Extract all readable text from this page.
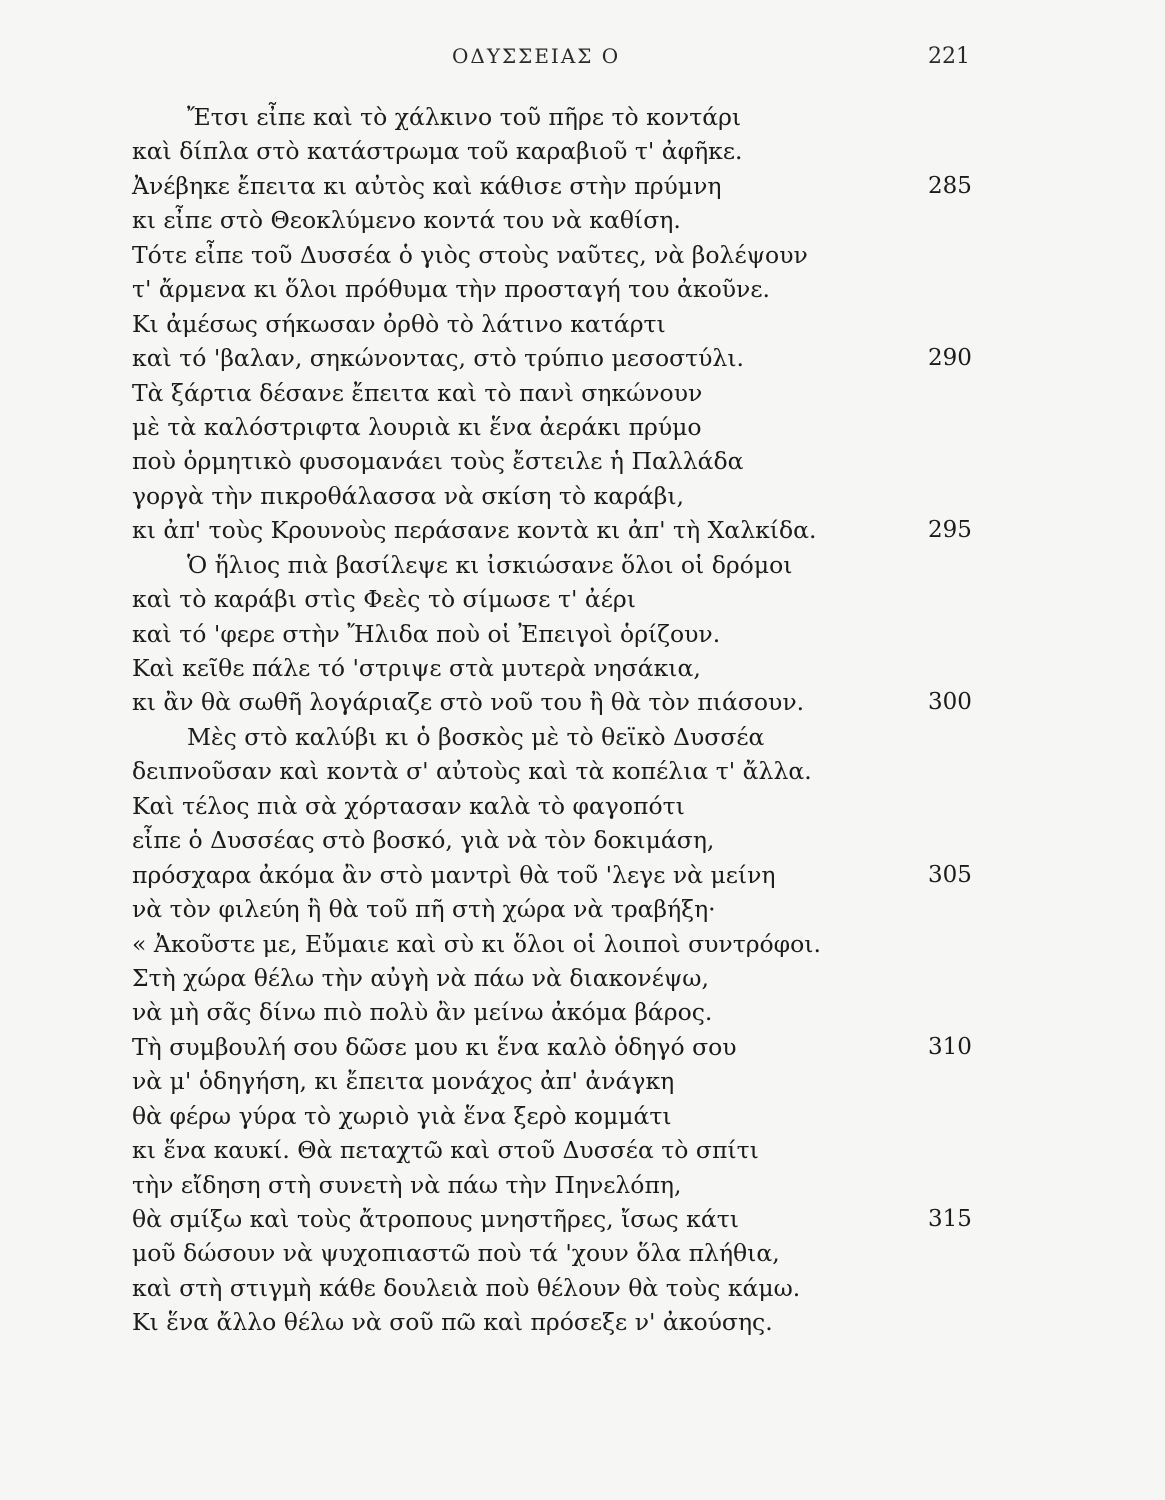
ΟΔΥΣΣΕΙΑΣ Ο	221
Ἔτσι εἶπε καὶ τὸ χάλκινο τοῦ πῆρε τὸ κοντάρι
καὶ δίπλα στὸ κατάστρωμα τοῦ καραβιοῦ τ' ἀφῆκε.
Ἀνέβηκε ἔπειτα κι αὐτὸς καὶ κάθισε στὴν πρύμνη	285
κι εἶπε στὸ Θεοκλύμενο κοντά του νὰ καθίση.
Τότε εἶπε τοῦ Δυσσέα ὁ γιὸς στοὺς ναῦτες, νὰ βολέψουν
τ' ἄρμενα κι ὅλοι πρόθυμα τὴν προσταγή του ἀκοῦνε.
Κι ἀμέσως σήκωσαν ὀρθὸ τὸ λάτινο κατάρτι
καὶ τό 'βαλαν, σηκώνοντας, στὸ τρύπιο μεσοστύλι.	290
Τὰ ξάρτια δέσανε ἔπειτα καὶ τὸ πανὶ σηκώνουν
μὲ τὰ καλόστριφτα λουριὰ κι ἕνα ἀεράκι πρύμο
ποὺ ὁρμητικὸ φυσομανάει τοὺς ἔστειλε ἡ Παλλάδα
γοργὰ τὴν πικροθάλασσα νὰ σκίση τὸ καράβι,
κι ἀπ' τοὺς Κρουνοὺς περάσανε κοντὰ κι ἀπ' τὴ Χαλκίδα.	295
Ὁ ἥλιος πιὰ βασίλεψε κι ἰσκιώσανε ὅλοι οἱ δρόμοι
καὶ τὸ καράβι στὶς Φεὲς τὸ σίμωσε τ' ἀέρι
καὶ τό 'φερε στὴν Ἤλιδα ποὺ οἱ Ἐπειγοὶ ὁρίζουν.
Καὶ κεῖθε πάλε τό 'στριψε στὰ μυτερὰ νησάκια,
κι ἂν θὰ σωθῆ λογάριαζε στὸ νοῦ του ἢ θὰ τὸν πιάσουν.	300
Μὲς στὸ καλύβι κι ὁ βοσκὸς μὲ τὸ θεϊκὸ Δυσσέα
δειπνοῦσαν καὶ κοντὰ σ' αὐτοὺς καὶ τὰ κοπέλια τ' ἄλλα.
Καὶ τέλος πιὰ σὰ χόρτασαν καλὰ τὸ φαγοπότι
εἶπε ὁ Δυσσέας στὸ βοσκό, γιὰ νὰ τὸν δοκιμάση,
πρόσχαρα ἀκόμα ἂν στὸ μαντρὶ θὰ τοῦ 'λεγε νὰ μείνη	305
νὰ τὸν φιλεύη ἢ θὰ τοῦ πῆ στὴ χώρα νὰ τραβήξη·
« Ἀκοῦστε με, Εὔμαιε καὶ σὺ κι ὅλοι οἱ λοιποὶ συντρόφοι.
Στὴ χώρα θέλω τὴν αὐγὴ νὰ πάω νὰ διακονέψω,
νὰ μὴ σᾶς δίνω πιὸ πολὺ ἂν μείνω ἀκόμα βάρος.
Τὴ συμβουλή σου δῶσε μου κι ἕνα καλὸ ὁδηγό σου	310
νὰ μ' ὁδηγήση, κι ἔπειτα μονάχος ἀπ' ἀνάγκη
θὰ φέρω γύρα τὸ χωριὸ γιὰ ἕνα ξερὸ κομμάτι
κι ἕνα καυκί. Θὰ πεταχτῶ καὶ στοῦ Δυσσέα τὸ σπίτι
τὴν εἴδηση στὴ συνετὴ νὰ πάω τὴν Πηνελόπη,
θὰ σμίξω καὶ τοὺς ἄτροπους μνηστῆρες, ἴσως κάτι	315
μοῦ δώσουν νὰ ψυχοπιαστῶ ποὺ τά 'χουν ὅλα πλήθια,
καὶ στὴ στιγμὴ κάθε δουλειὰ ποὺ θέλουν θὰ τοὺς κάμω.
Κι ἕνα ἄλλο θέλω νὰ σοῦ πῶ καὶ πρόσεξε ν' ἀκούσης.
